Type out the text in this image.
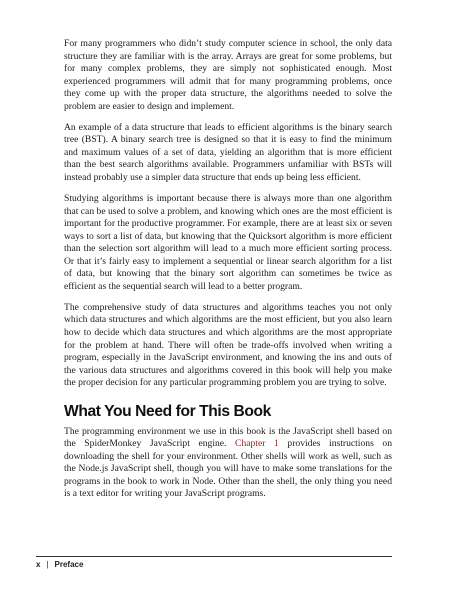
For many programmers who didn’t study computer science in school, the only data structure they are familiar with is the array. Arrays are great for some problems, but for many complex problems, they are simply not sophisticated enough. Most experienced programmers will admit that for many programming problems, once they come up with the proper data structure, the algorithms needed to solve the problem are easier to design and implement.

An example of a data structure that leads to efficient algorithms is the binary search tree (BST). A binary search tree is designed so that it is easy to find the minimum and maximum values of a set of data, yielding an algorithm that is more efficient than the best search algorithms available. Programmers unfamiliar with BSTs will instead probably use a simpler data structure that ends up being less efficient.

Studying algorithms is important because there is always more than one algorithm that can be used to solve a problem, and knowing which ones are the most efficient is important for the productive programmer. For example, there are at least six or seven ways to sort a list of data, but knowing that the Quicksort algorithm is more efficient than the selection sort algorithm will lead to a much more efficient sorting process. Or that it’s fairly easy to implement a sequential or linear search algorithm for a list of data, but knowing that the binary sort algorithm can sometimes be twice as efficient as the sequential search will lead to a better program.

The comprehensive study of data structures and algorithms teaches you not only which data structures and which algorithms are the most efficient, but you also learn how to decide which data structures and which algorithms are the most appropriate for the problem at hand. There will often be trade-offs involved when writing a program, especially in the JavaScript environment, and knowing the ins and outs of the various data structures and algorithms covered in this book will help you make the proper decision for any particular programming problem you are trying to solve.

What You Need for This Book

The programming environment we use in this book is the JavaScript shell based on the SpiderMonkey JavaScript engine. Chapter 1 provides instructions on downloading the shell for your environment. Other shells will work as well, such as the Node.js JavaScript shell, though you will have to make some translations for the programs in the book to work in Node. Other than the shell, the only thing you need is a text editor for writing your JavaScript programs.

x | Preface
